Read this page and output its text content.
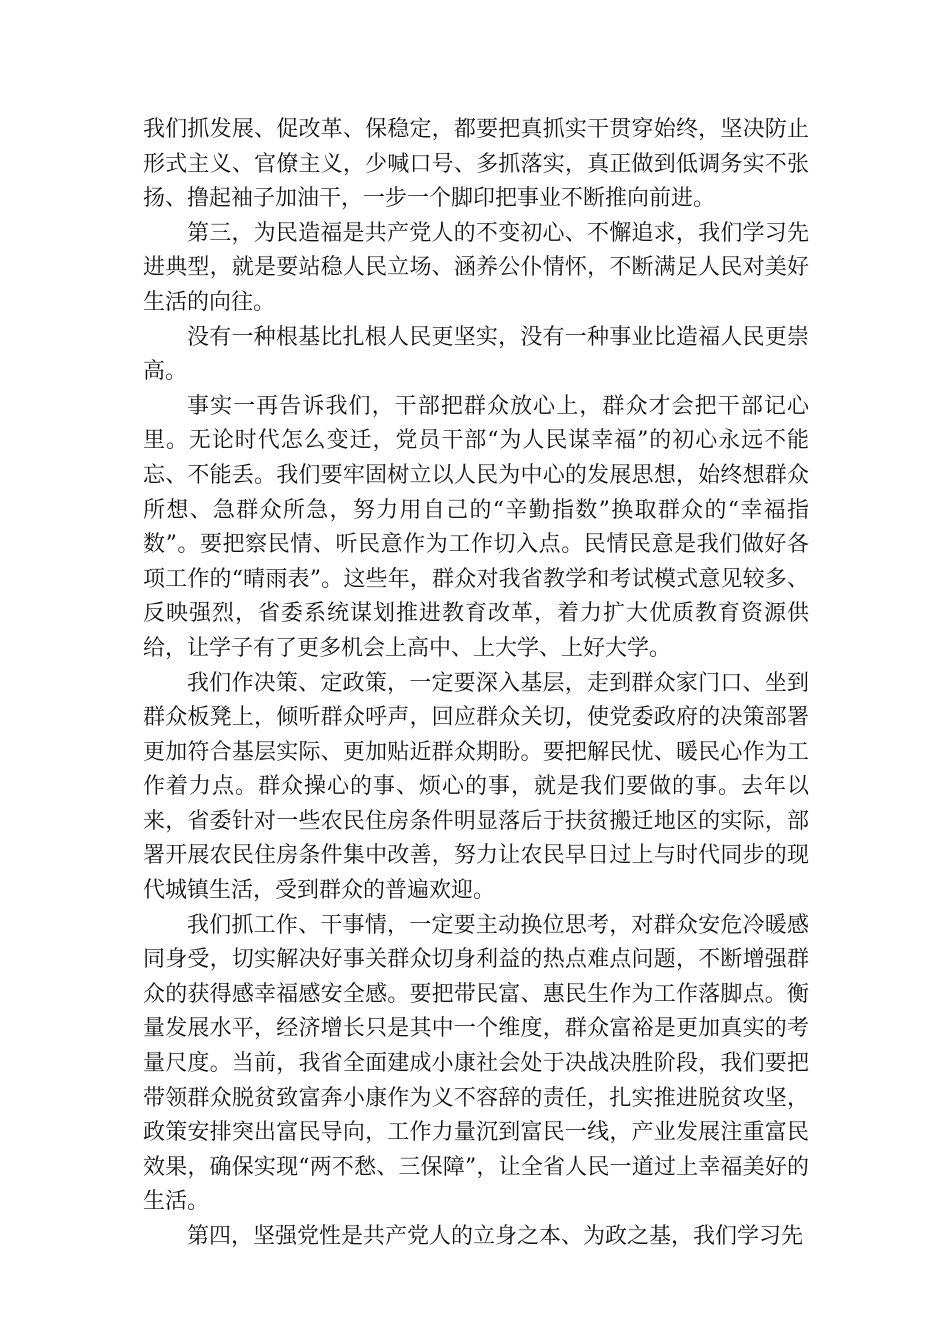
我们抓发展、促改革、保稳定，都要把真抓实干贯穿始终，坚决防止形式主义、官僚主义，少喊口号、多抓落实，真正做到低调务实不张扬、撸起袖子加油干，一步一个脚印把事业不断推向前进。

第三，为民造福是共产党人的不变初心、不懈追求，我们学习先进典型，就是要站稳人民立场、涵养公仆情怀，不断满足人民对美好生活的向往。

没有一种根基比扎根人民更坚实，没有一种事业比造福人民更崇高。

事实一再告诉我们，干部把群众放心上，群众才会把干部记心里。无论时代怎么变迁，党员干部“为人民谋幸福”的初心永远不能忘、不能丢。我们要牢固树立以人民为中心的发展思想，始终想群众所想、急群众所急，努力用自己的“辛勤指数”换取群众的“幸福指数”。要把察民情、听民意作为工作切入点。民情民意是我们做好各项工作的“晴雨表”。这些年，群众对我省教学和考试模式意见较多、反映强烈，省委系统谋划推进教育改革，着力扩大优质教育资源供给，让学子有了更多机会上高中、上大学、上好大学。

我们作决策、定政策，一定要深入基层，走到群众家门口、坐到群众板凳上，倾听群众呼声，回应群众关切，使党委政府的决策部署更加符合基层实际、更加贴近群众期盼。要把解民忧、暖民心作为工作着力点。群众操心的事、烦心的事，就是我们要做的事。去年以来，省委针对一些农民住房条件明显落后于扶贫搬迁地区的实际，部署开展农民住房条件集中改善，努力让农民早日过上与时代同步的现代城镇生活，受到群众的普遍欢迎。

我们抓工作、干事情，一定要主动换位思考，对群众安危冷暖感同身受，切实解决好事关群众切身利益的热点难点问题，不断增强群众的获得感幸福感安全感。要把带民富、惠民生作为工作落脚点。衡量发展水平，经济增长只是其中一个维度，群众富裕是更加真实的考量尺度。当前，我省全面建成小康社会处于决战决胜阶段，我们要把带领群众脱贫致富奔小康作为义不容辞的责任，扎实推进脱贫攻坚，政策安排突出富民导向，工作力量沉到富民一线，产业发展注重富民效果，确保实现“两不愁、三保障”，让全省人民一道过上幸福美好的生活。

第四，坚强党性是共产党人的立身之本、为政之基，我们学习先
